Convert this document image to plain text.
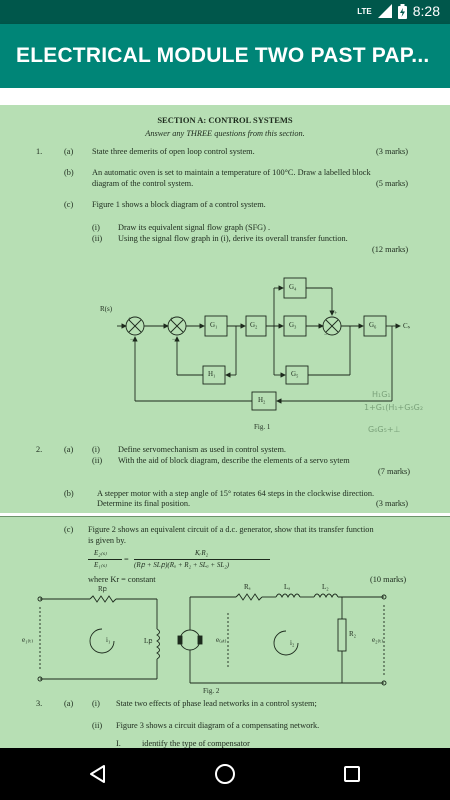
LTE	8:28
ELECTRICAL MODULE TWO PAST PAP...
SECTION A: CONTROL SYSTEMS
Answer any THREE questions from this section.
1.	(a) State three demerits of open loop control system.	(3 marks)
(b) An automatic oven is set to maintain a temperature of 100°C. Draw a labelled block
diagram of the control system.	(5 marks)
(c) Figure 1 shows a block diagram of a control system.
(i) Draw its equivalent signal flow graph (SFG) .
(ii) Using the signal flow graph in (i), derive its overall transfer function.
(12 marks)
+
−
+
−
+
−
R(s)
Cₛ
G₁	G₂	G₃
G₄
G₆
G₅
H₁
H₂
Fig. 1
H₁G₁
1+G₁(H₁+G₅G₂
G₆G₅+⊥
2.	(a) (i) Define servomechanism as used in control system.
(ii) With the aid of block diagram, describe the elements of a servo sytem
(7 marks)
(b)	A stepper motor with a step angle of 15° rotates 64 steps in the clockwise direction.
Determine its final position.	(3 marks)
(c) Figure 2 shows an equivalent circuit of a d.c. generator, show that its transfer function
is given by.
E₂₍ₛ₎
E₁₍ₛ₎
=
KᵣR₂
(Rբ + SLբ)(Rₐ + R₂ + SLₐ + SL₂)
where Kr = constant	(10 marks)
Rբ
Lբ
Rₐ	Lₐ	L₂
R₂
e₁₍ₜ₎	e₍ₐₜ₎	e₂₍ₜ₎
i₁	i₂
Fig. 2
3.	(a) (i) State two effects of phase lead networks in a control system;
(ii) Figure 3 shows a circuit diagram of a compensating network.
I.	identify the type of compensator
